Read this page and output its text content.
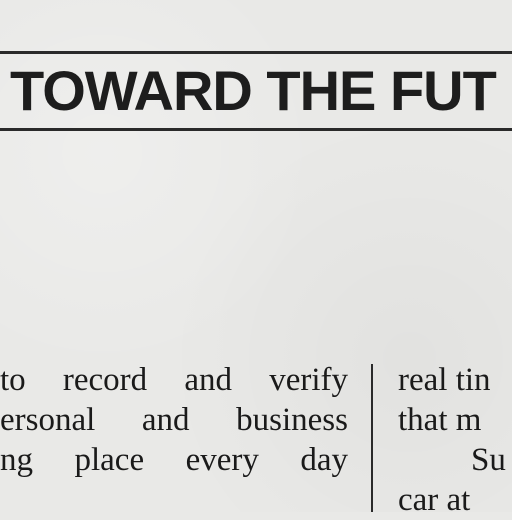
TOWARD THE FUT
to record and verify
ersonal and business
ng place every day
real tin
that m
Su
car at
